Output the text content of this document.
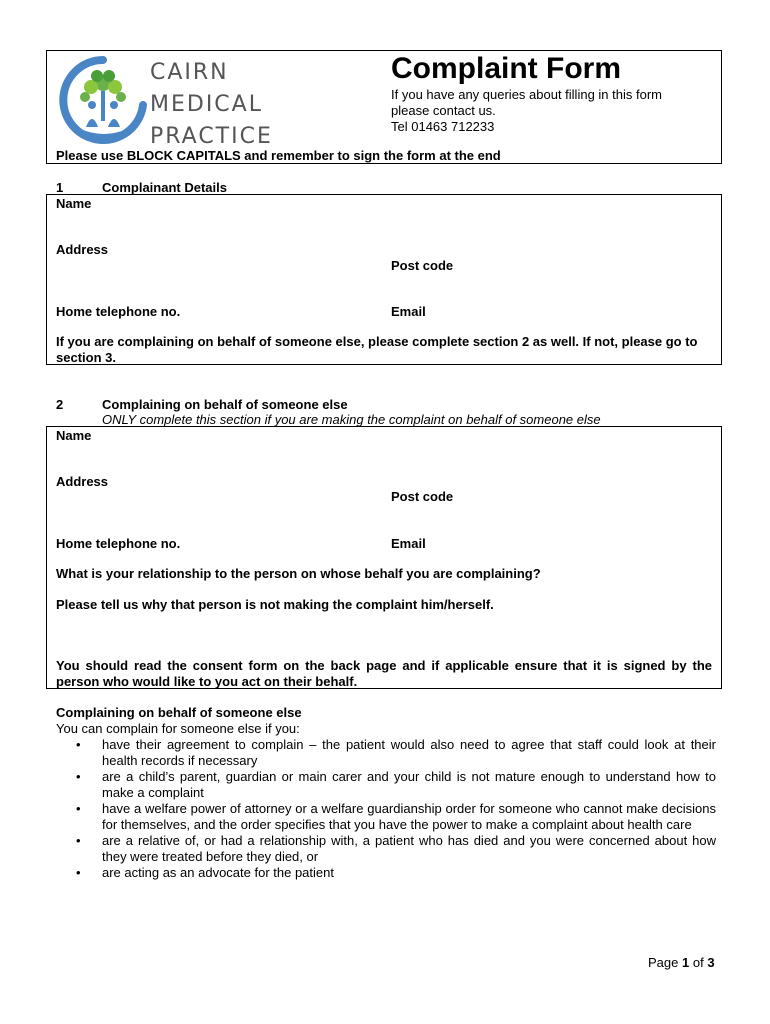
CAIRN
MEDICAL
PRACTICE
Complaint Form
If you have any queries about filling in this form
please contact us.
Tel 01463 712233
Please use BLOCK CAPITALS and remember to sign the form at the end
1	Complainant Details
Name
Address
Post code
Home telephone no.	Email
If you are complaining on behalf of someone else, please complete section 2 as well. If not, please go to section 3.
2	Complaining on behalf of someone else
ONLY complete this section if you are making the complaint on behalf of someone else
Name
Address
Post code
Home telephone no.	Email
What is your relationship to the person on whose behalf you are complaining?
Please tell us why that person is not making the complaint him/herself.
You should read the consent form on the back page and if applicable ensure that it is signed by the person who would like to you act on their behalf.
Complaining on behalf of someone else
You can complain for someone else if you:
• have their agreement to complain – the patient would also need to agree that staff could look at their health records if necessary
• are a child’s parent, guardian or main carer and your child is not mature enough to understand how to make a complaint
• have a welfare power of attorney or a welfare guardianship order for someone who cannot make decisions for themselves, and the order specifies that you have the power to make a complaint about health care
• are a relative of, or had a relationship with, a patient who has died and you were concerned about how they were treated before they died, or
• are acting as an advocate for the patient
Page 1 of 3
